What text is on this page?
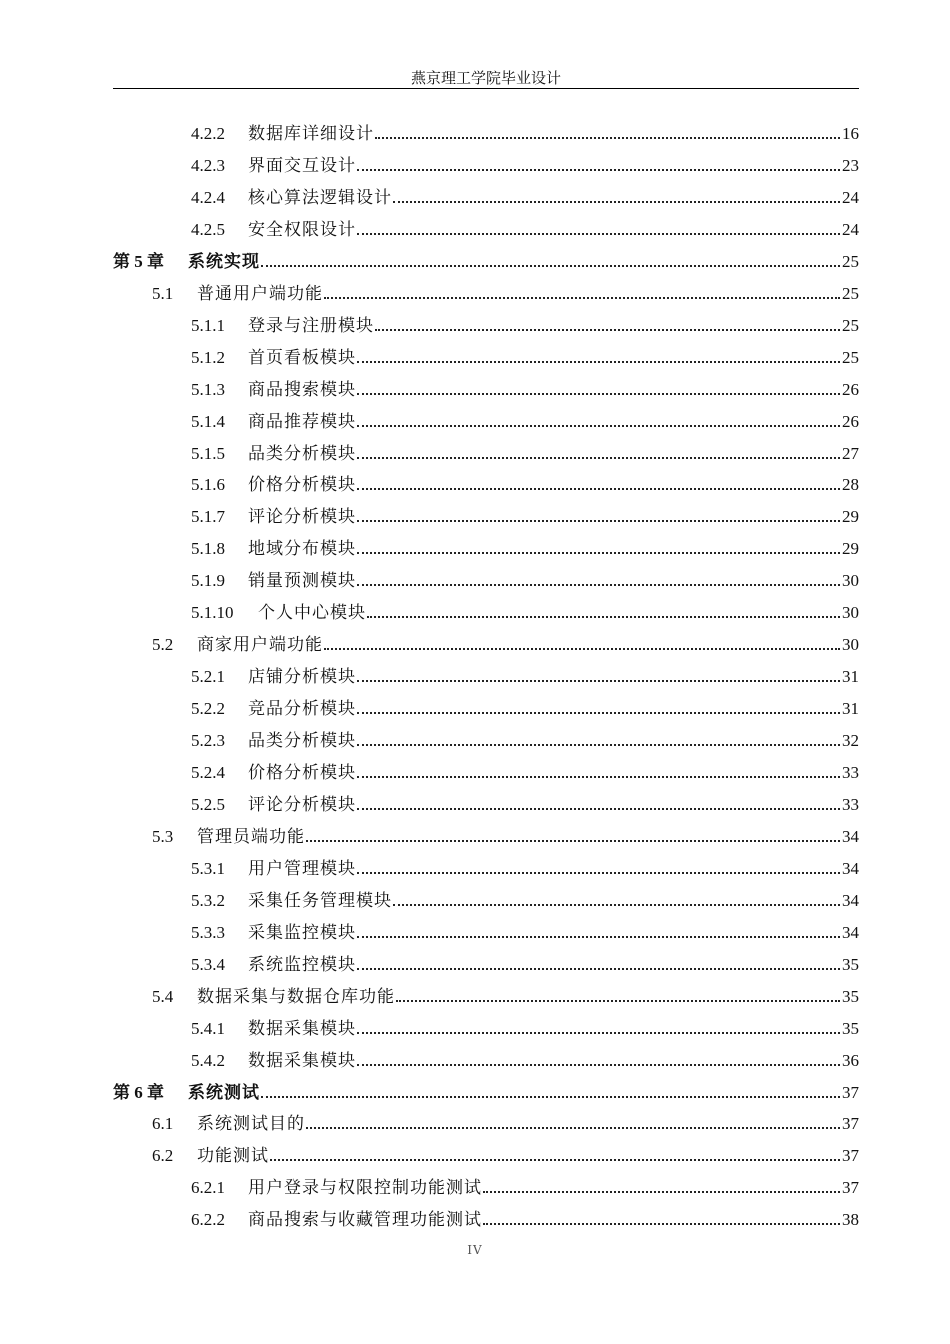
燕京理工学院毕业设计
4.2.2	数据库详细设计	16
4.2.3	界面交互设计	23
4.2.4	核心算法逻辑设计	24
4.2.5	安全权限设计	24
第 5 章	系统实现	25
5.1	普通用户端功能	25
5.1.1	登录与注册模块	25
5.1.2	首页看板模块	25
5.1.3	商品搜索模块	26
5.1.4	商品推荐模块	26
5.1.5	品类分析模块	27
5.1.6	价格分析模块	28
5.1.7	评论分析模块	29
5.1.8	地域分布模块	29
5.1.9	销量预测模块	30
5.1.10	个人中心模块	30
5.2	商家用户端功能	30
5.2.1	店铺分析模块	31
5.2.2	竞品分析模块	31
5.2.3	品类分析模块	32
5.2.4	价格分析模块	33
5.2.5	评论分析模块	33
5.3	管理员端功能	34
5.3.1	用户管理模块	34
5.3.2	采集任务管理模块	34
5.3.3	采集监控模块	34
5.3.4	系统监控模块	35
5.4	数据采集与数据仓库功能	35
5.4.1	数据采集模块	35
5.4.2	数据采集模块	36
第 6 章	系统测试	37
6.1	系统测试目的	37
6.2	功能测试	37
6.2.1	用户登录与权限控制功能测试	37
6.2.2	商品搜索与收藏管理功能测试	38
IV
